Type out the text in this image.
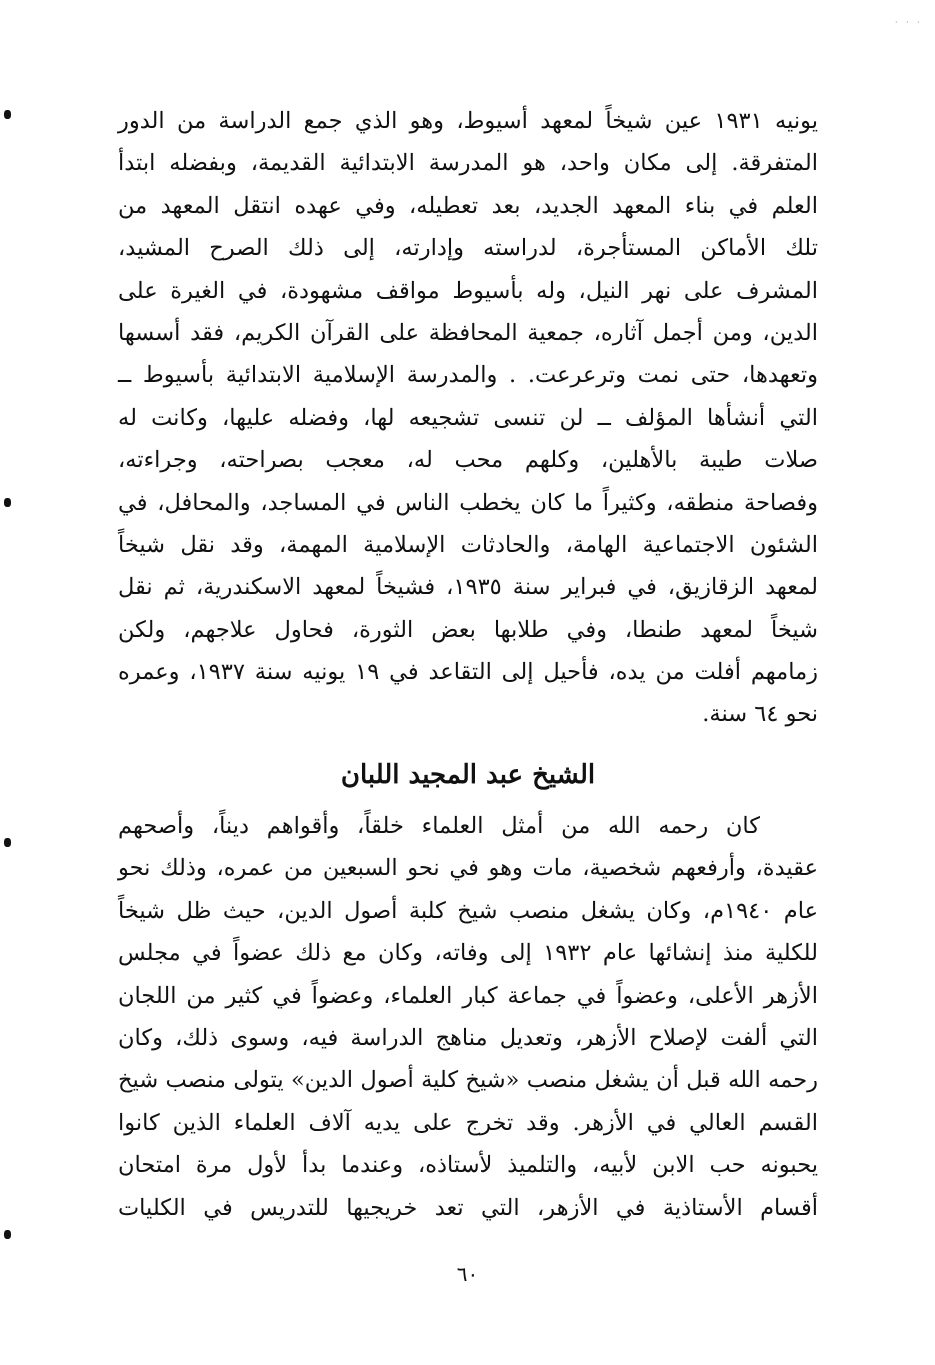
· · ·
يونيه ١٩٣١ عين شيخاً لمعهد أسيوط، وهو الذي جمع الدراسة من الدور
المتفرقة. إلى مكان واحد، هو المدرسة الابتدائية القديمة، وبفضله ابتدأ
العلم في بناء المعهد الجديد، بعد تعطيله، وفي عهده انتقل المعهد من
تلك الأماكن المستأجرة، لدراسته وإدارته، إلى ذلك الصرح المشيد،
المشرف على نهر النيل، وله بأسيوط مواقف مشهودة، في الغيرة على
الدين، ومن أجمل آثاره، جمعية المحافظة على القرآن الكريم، فقد أسسها
وتعهدها، حتى نمت وترعرعت. . والمدرسة الإسلامية الابتدائية بأسيوط ــ
التي أنشأها المؤلف ــ لن تنسى تشجيعه لها، وفضله عليها، وكانت له
صلات طيبة بالأهلين، وكلهم محب له، معجب بصراحته، وجراءته،
وفصاحة منطقه، وكثيراً ما كان يخطب الناس في المساجد، والمحافل، في
الشئون الاجتماعية الهامة، والحادثات الإسلامية المهمة، وقد نقل شيخاً
لمعهد الزقازيق، في فبراير سنة ١٩٣٥، فشيخاً لمعهد الاسكندرية، ثم نقل
شيخاً لمعهد طنطا، وفي طلابها بعض الثورة، فحاول علاجهم، ولكن
زمامهم أفلت من يده، فأحيل إلى التقاعد في ١٩ يونيه سنة ١٩٣٧، وعمره
نحو ٦٤ سنة.
الشيخ عبد المجيد اللبان
كان رحمه الله من أمثل العلماء خلقاً، وأقواهم ديناً، وأصحهم
عقيدة، وأرفعهم شخصية، مات وهو في نحو السبعين من عمره، وذلك نحو
عام ١٩٤٠م، وكان يشغل منصب شيخ كلبة أصول الدين، حيث ظل شيخاً
للكلية منذ إنشائها عام ١٩٣٢ إلى وفاته، وكان مع ذلك عضواً في مجلس
الأزهر الأعلى، وعضواً في جماعة كبار العلماء، وعضواً في كثير من اللجان
التي ألفت لإصلاح الأزهر، وتعديل مناهج الدراسة فيه، وسوى ذلك، وكان
رحمه الله قبل أن يشغل منصب «شيخ كلية أصول الدين» يتولى منصب شيخ
القسم العالي في الأزهر. وقد تخرج على يديه آلاف العلماء الذين كانوا
يحبونه حب الابن لأبيه، والتلميذ لأستاذه، وعندما بدأ لأول مرة امتحان
أقسام الأستاذية في الأزهر، التي تعد خريجيها للتدريس في الكليات
٦٠
